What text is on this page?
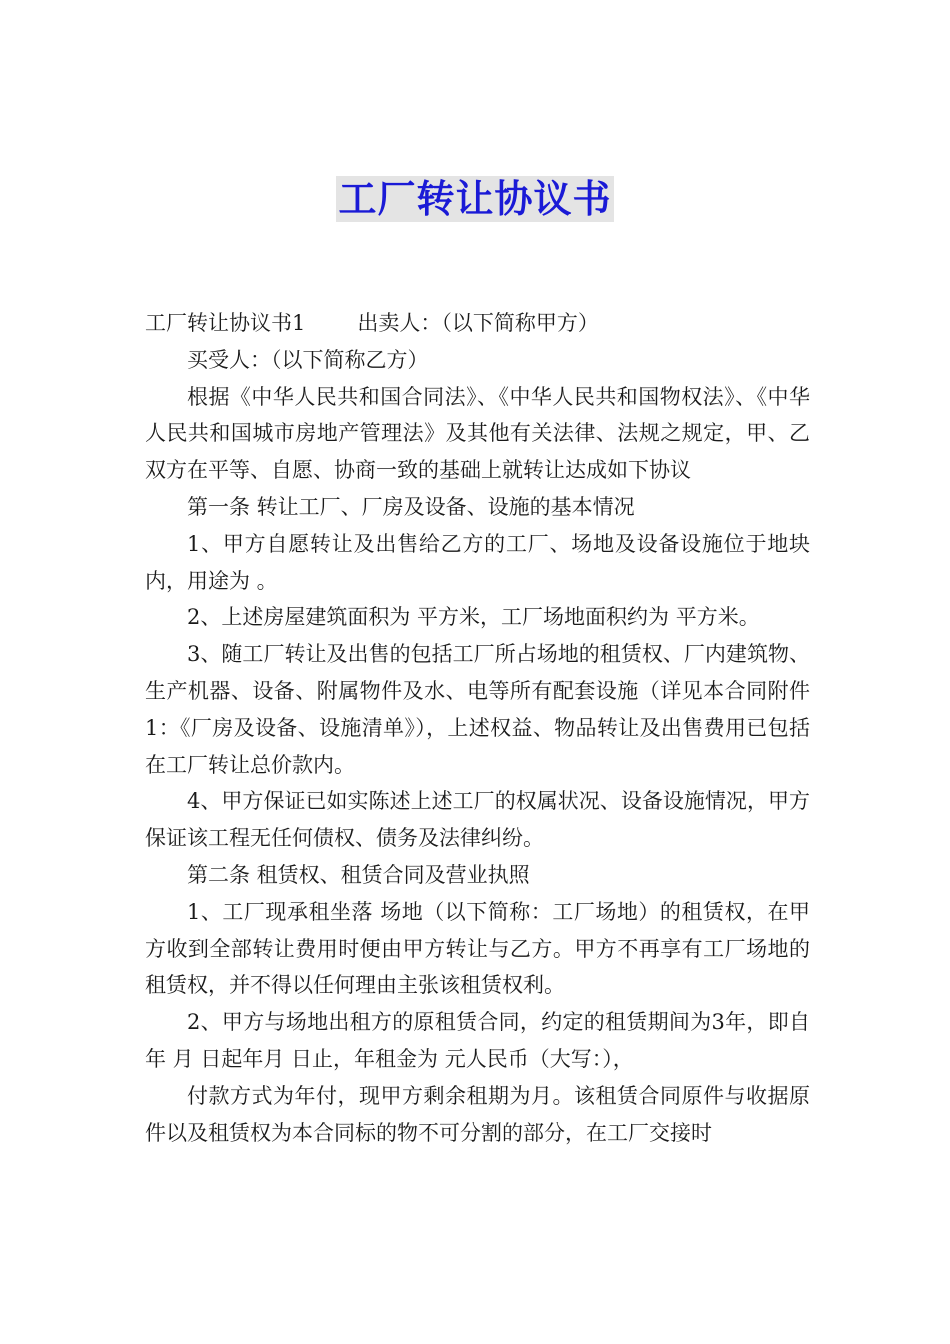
工厂转让协议书

工厂转让协议书1 出卖人：（以下简称甲方）

买受人：（以下简称乙方）

根据《中华人民共和国合同法》、《中华人民共和国物权法》、《中华人民共和国城市房地产管理法》及其他有关法律、法规之规定，甲、乙双方在平等、自愿、协商一致的基础上就转让达成如下协议

第一条 转让工厂、厂房及设备、设施的基本情况

1、甲方自愿转让及出售给乙方的工厂、场地及设备设施位于地块内，用途为 。

2、上述房屋建筑面积为 平方米，工厂场地面积约为 平方米。

3、随工厂转让及出售的包括工厂所占场地的租赁权、厂内建筑物、生产机器、设备、附属物件及水、电等所有配套设施（详见本合同附件1：《厂房及设备、设施清单》），上述权益、物品转让及出售费用已包括在工厂转让总价款内。

4、甲方保证已如实陈述上述工厂的权属状况、设备设施情况，甲方保证该工程无任何债权、债务及法律纠纷。

第二条 租赁权、租赁合同及营业执照

1、工厂现承租坐落 场地（以下简称：工厂场地）的租赁权，在甲方收到全部转让费用时便由甲方转让与乙方。甲方不再享有工厂场地的租赁权，并不得以任何理由主张该租赁权利。

2、甲方与场地出租方的原租赁合同，约定的租赁期间为3年，即自 年 月 日起年月 日止，年租金为 元人民币（大写：），

付款方式为年付，现甲方剩余租期为月。该租赁合同原件与收据原件以及租赁权为本合同标的物不可分割的部分，在工厂交接时
